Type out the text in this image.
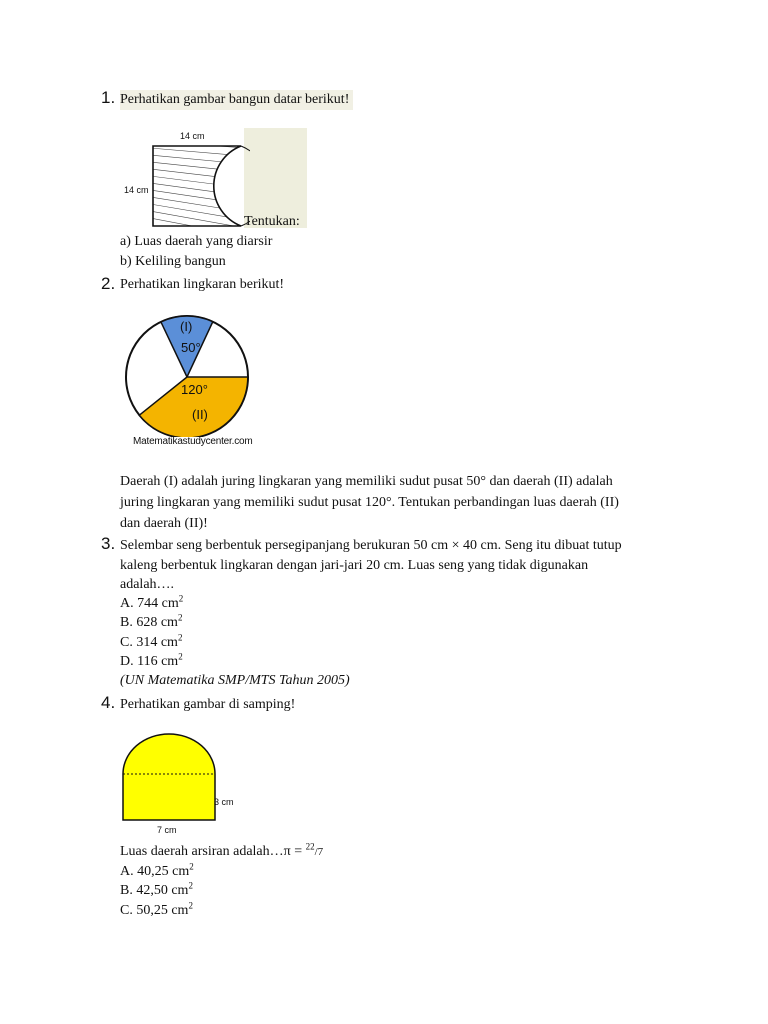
1. Perhatikan gambar bangun datar berikut!
14 cm
14 cm
Tentukan:
a) Luas daerah yang diarsir
b) Keliling bangun
2. Perhatikan lingkaran berikut!
(I)
50°
120°
(II)
Matematikastudycenter.com
Daerah (I) adalah juring lingkaran yang memiliki sudut pusat 50° dan daerah (II) adalah
juring lingkaran yang memiliki sudut pusat 120°. Tentukan perbandingan luas daerah (II)
dan daerah (II)!
3. Selembar seng berbentuk persegipanjang berukuran 50 cm × 40 cm. Seng itu dibuat tutup
kaleng berbentuk lingkaran dengan jari-jari 20 cm. Luas seng yang tidak digunakan
adalah….
A. 744 $cm^2$
B. 628 $cm^2$
C. 314 $cm^2$
D. 116 $cm^2$
(UN Matematika SMP/MTS Tahun 2005)
4. Perhatikan gambar di samping!
3 cm
7 cm
Luas daerah arsiran adalah…π = $^{22}$/7
A. 40,25 $cm^2$
B. 42,50 $cm^2$
C. 50,25 $cm^2$
